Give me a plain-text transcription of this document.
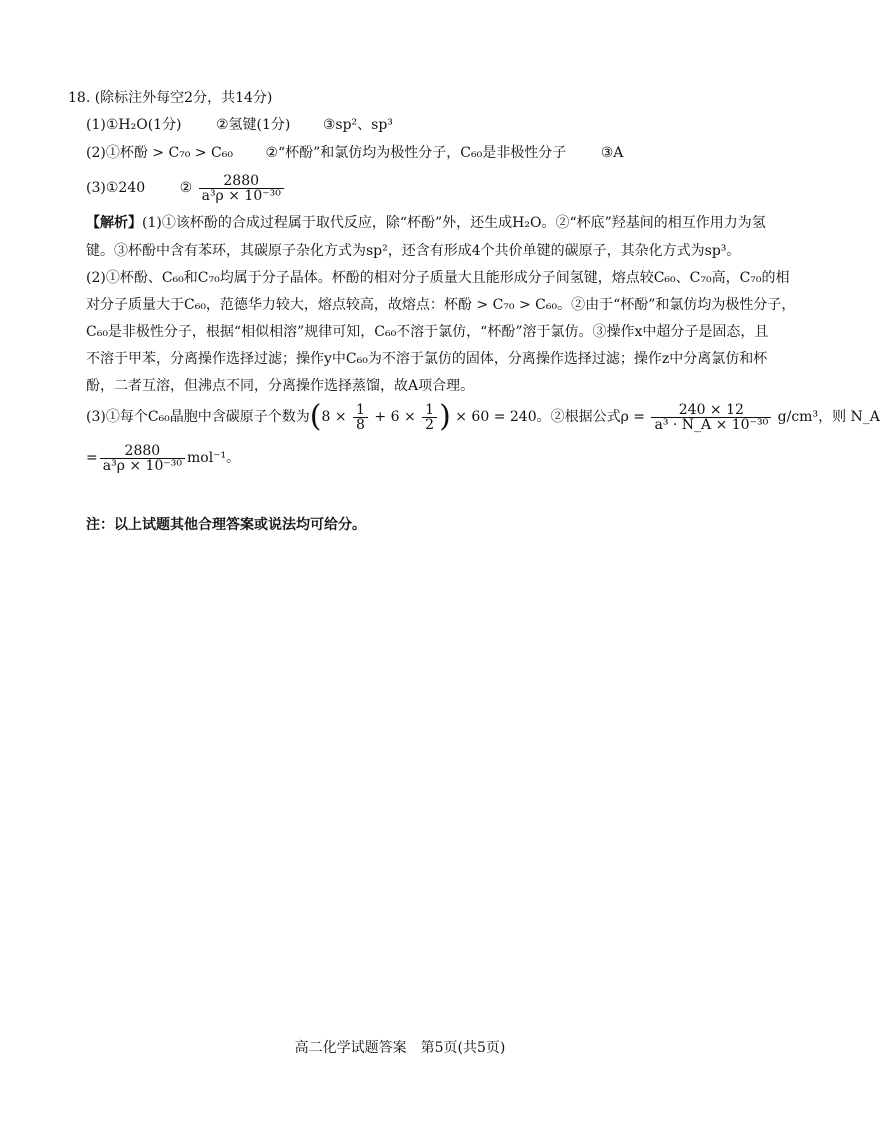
18. (除标注外每空2分，共14分)
(1)①H₂O(1分) ②氢键(1分) ③sp²、sp³
(2)①杯酚 > C₇₀ > C₆₀ ②“杯酚”和氯仿均为极性分子，C₆₀是非极性分子 ③A
(3)①240 ② $\frac{2880}{\text{a³ρ × 10⁻³⁰}}$
【解析】(1)①该杯酚的合成过程属于取代反应，除“杯酚”外，还生成H₂O。②“杯底”羟基间的相互作用力为氢
键。③杯酚中含有苯环，其碳原子杂化方式为sp²，还含有形成4个共价单键的碳原子，其杂化方式为sp³。
(2)①杯酚、C₆₀和C₇₀均属于分子晶体。杯酚的相对分子质量大且能形成分子间氢键，熔点较C₆₀、C₇₀高，C₇₀的相
对分子质量大于C₆₀，范德华力较大，熔点较高，故熔点：杯酚 > C₇₀ > C₆₀。②由于“杯酚”和氯仿均为极性分子，
C₆₀是非极性分子，根据“相似相溶”规律可知，C₆₀不溶于氯仿，“杯酚”溶于氯仿。③操作x中超分子是固态，且
不溶于甲苯，分离操作选择过滤；操作y中C₆₀为不溶于氯仿的固体，分离操作选择过滤；操作z中分离氯仿和杯
酚，二者互溶，但沸点不同，分离操作选择蒸馏，故A项合理。
(3)①每个C₆₀晶胞中含碳原子个数为($8 \times \frac{1}{8} + 6 \times \frac{1}{2}$ ) × 60 = 240。②根据公式$\rho = \frac{240 \times 12}{\text{a³ · N\_A × 10⁻³⁰}} g/cm^3$，则 N_A
= $\frac{2880}{\text{a³ρ × 10⁻³⁰}} mol^{-1}$。
注：以上试题其他合理答案或说法均可给分。
高二化学试题答案　第5页(共5页)
